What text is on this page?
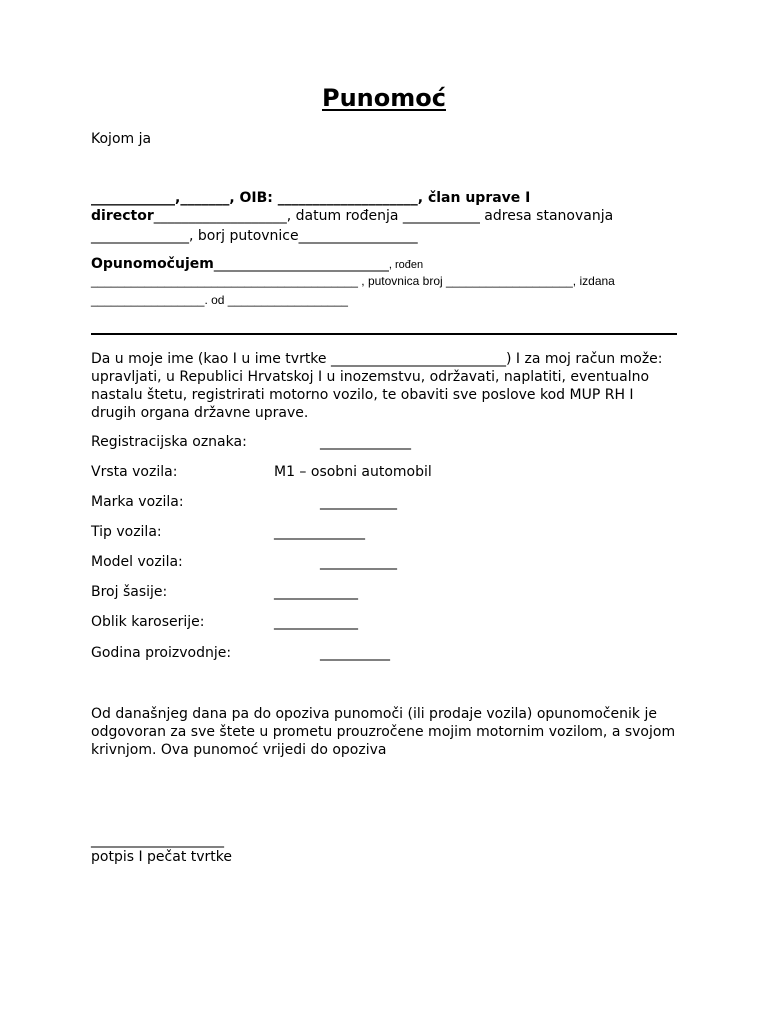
Punomoć
Kojom ja
____________,_______, OIB: ____________________, član uprave I
director___________________, datum rođenja ___________ adresa stanovanja
______________, borj putovnice_________________
Opunomočujem_________________________, rođen
________________________________________ , putovnica broj ___________________, izdana
_________________. od __________________
Da u moje ime (kao I u ime tvrtke _________________________) I za moj račun može: upravljati, u Republici Hrvatskoj I u inozemstvu, održavati, naplatiti, eventualno nastalu štetu, registrirati motorno vozilo, te obaviti sve poslove kod MUP RH I drugih organa državne uprave.
Registracijska oznaka:	_____________
Vrsta vozila:	M1 – osobni automobil
Marka vozila:	___________
Tip vozila:	_____________
Model vozila:	___________
Broj šasije:	____________
Oblik karoserije:	____________
Godina proizvodnje:	__________
Od današnjeg dana pa do opoziva punomoči (ili prodaje vozila) opunomočenik je odgovoran za sve štete u prometu prouzročene mojim motornim vozilom, a svojom krivnjom. Ova punomoć vrijedi do opoziva
___________________
potpis I pečat tvrtke
